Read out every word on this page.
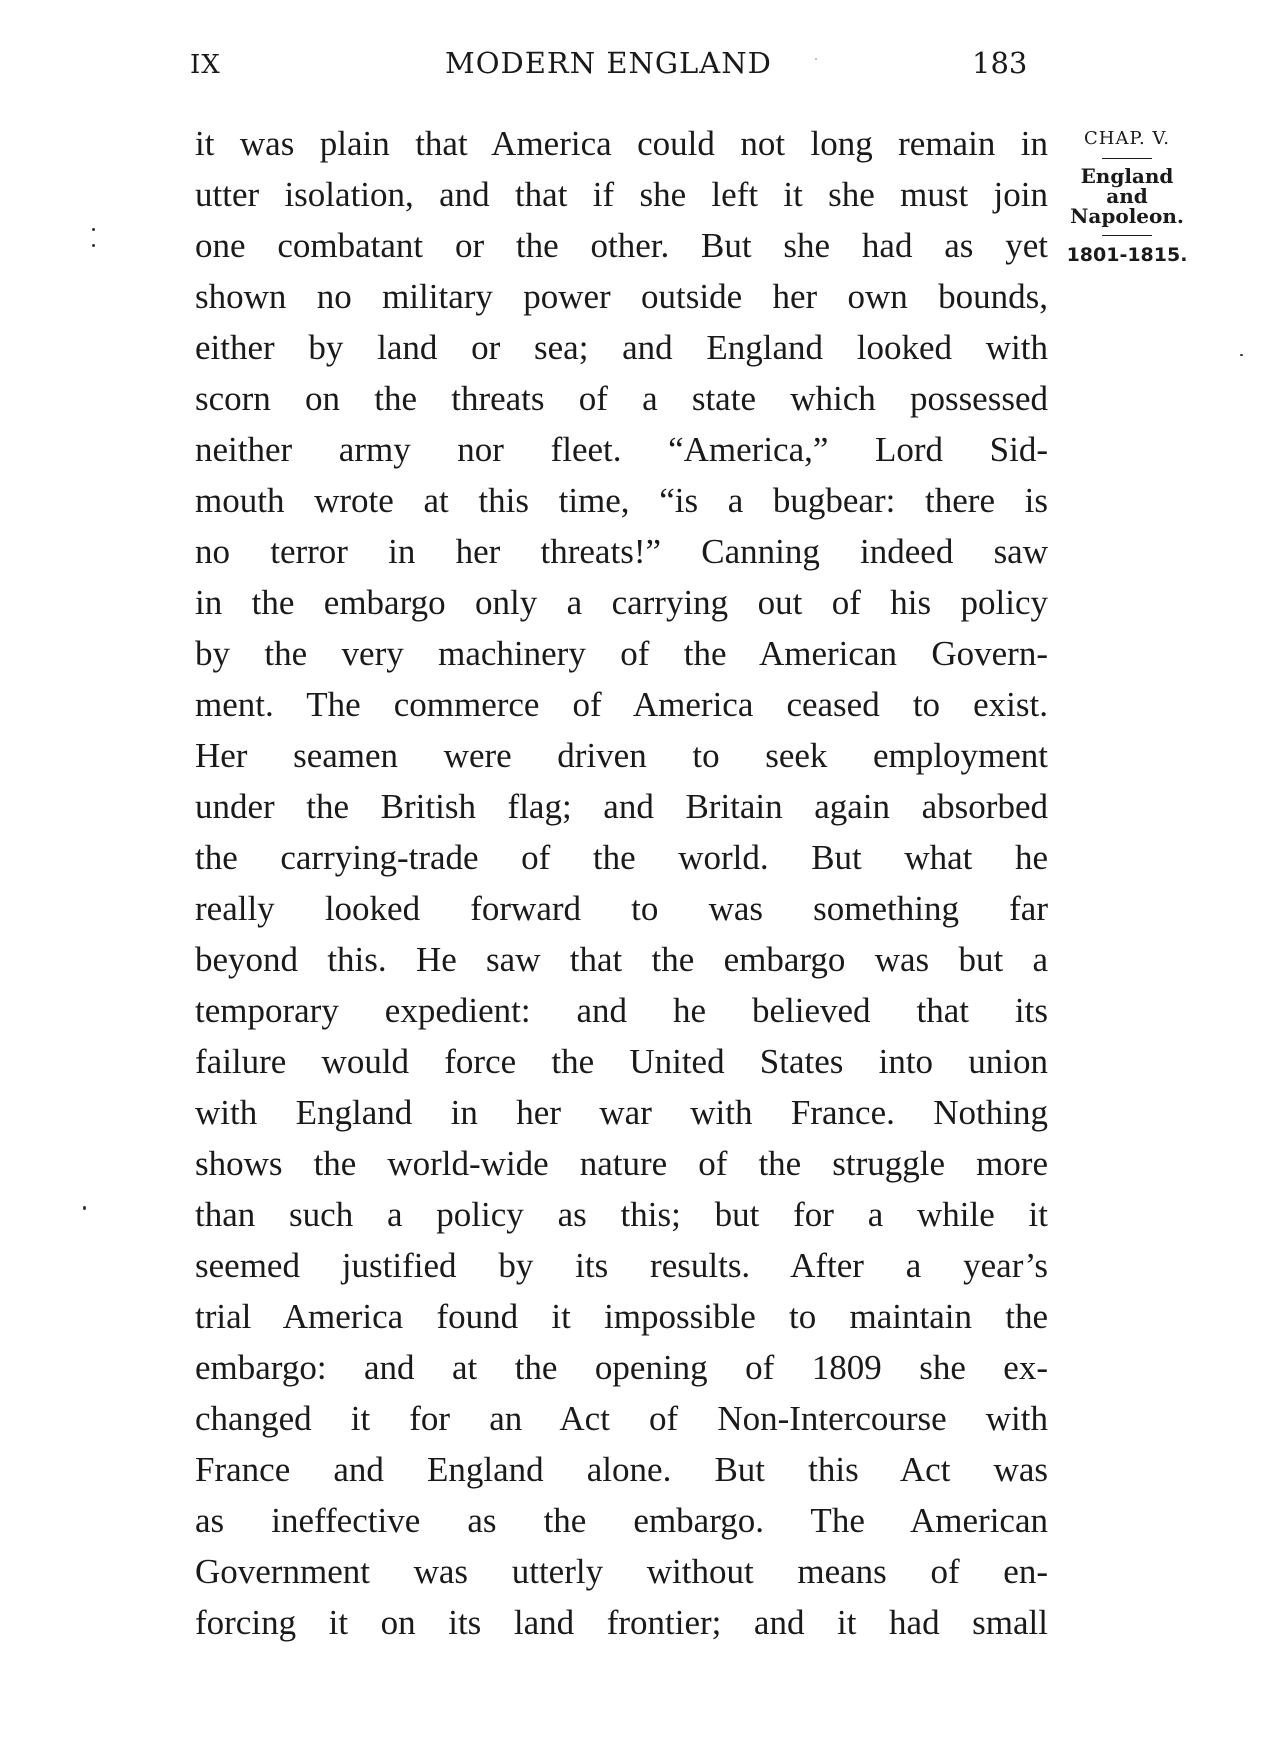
IX	MODERN ENGLAND	183
it was plain that America could not long remain in
utter isolation, and that if she left it she must join
one combatant or the other. But she had as yet
shown no military power outside her own bounds,
either by land or sea; and England looked with
scorn on the threats of a state which possessed
neither army nor fleet. “America,” Lord Sid-
mouth wrote at this time, “is a bugbear: there is
no terror in her threats!” Canning indeed saw
in the embargo only a carrying out of his policy
by the very machinery of the American Govern-
ment. The commerce of America ceased to exist.
Her seamen were driven to seek employment
under the British flag; and Britain again absorbed
the carrying-trade of the world. But what he
really looked forward to was something far
beyond this. He saw that the embargo was but a
temporary expedient: and he believed that its
failure would force the United States into union
with England in her war with France. Nothing
shows the world-wide nature of the struggle more
than such a policy as this; but for a while it
seemed justified by its results. After a year’s
trial America found it impossible to maintain the
embargo: and at the opening of 1809 she ex-
changed it for an Act of Non-Intercourse with
France and England alone. But this Act was
as ineffective as the embargo. The American
Government was utterly without means of en-
forcing it on its land frontier; and it had small
CHAP. V.
England
and
Napoleon.
1801-1815.
